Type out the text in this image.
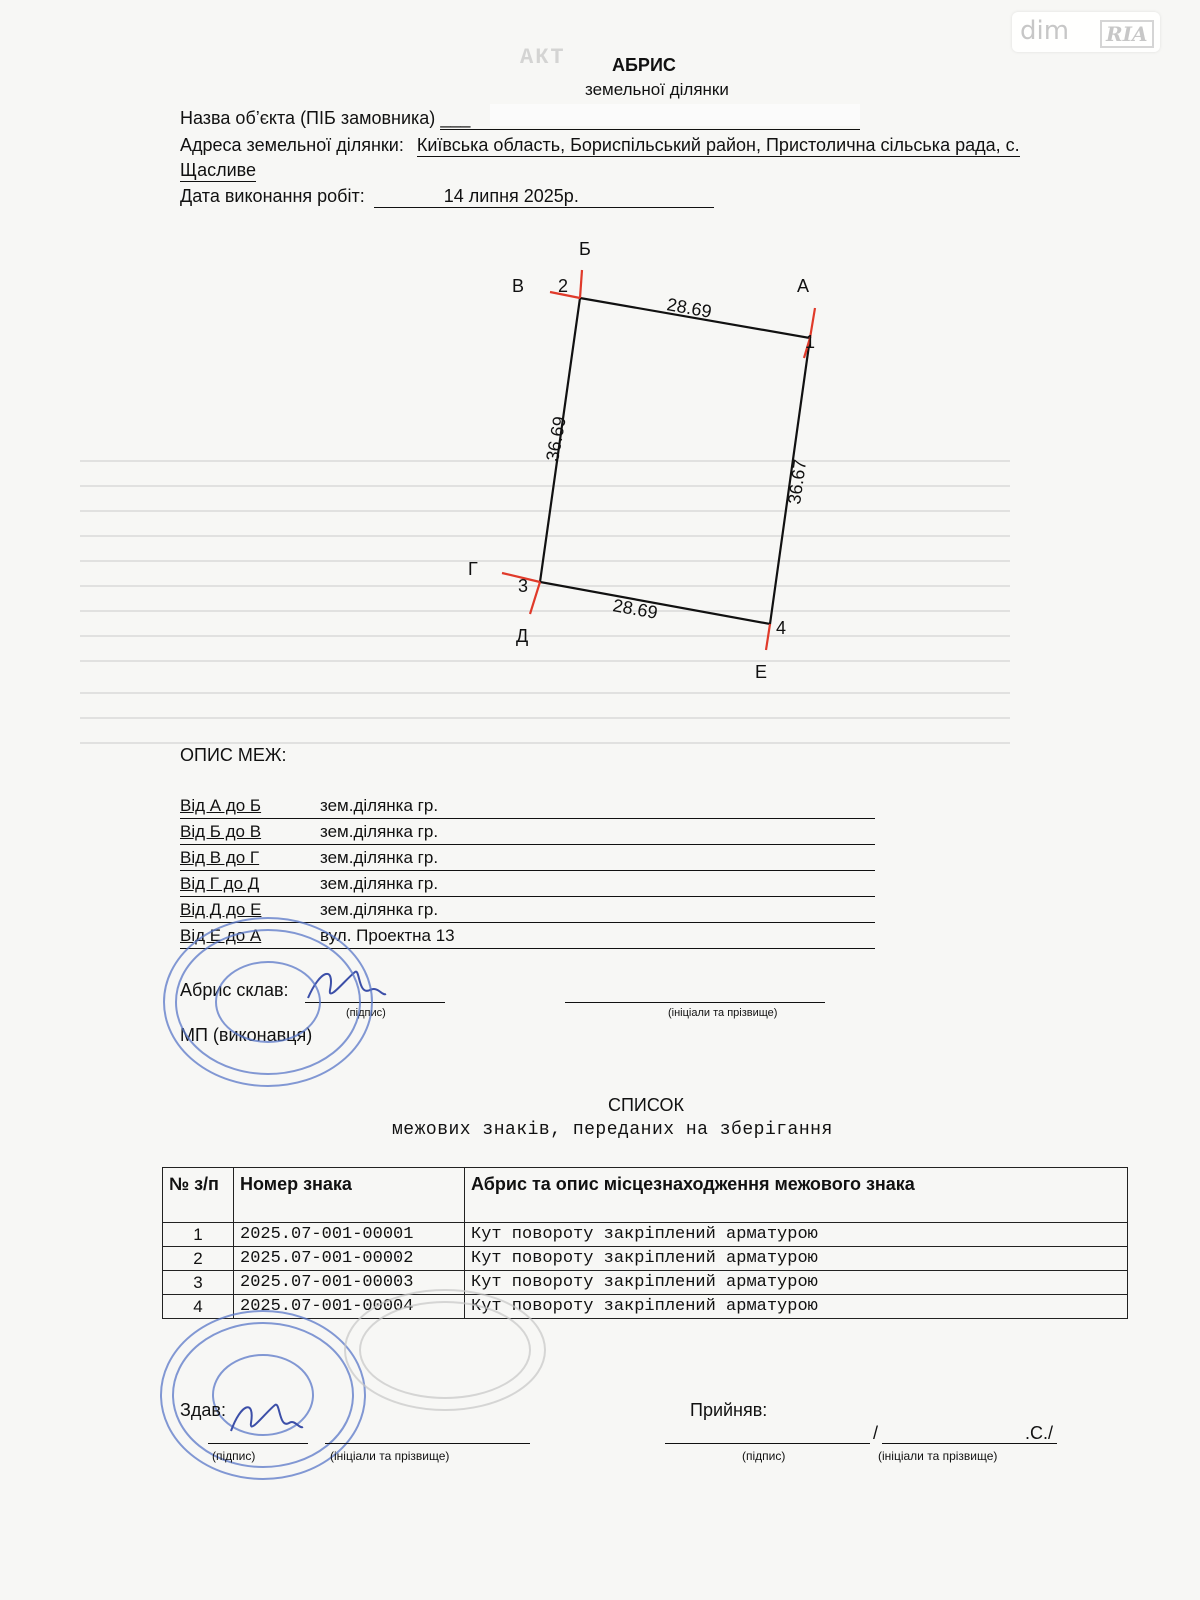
АКТ
dim	RIA
АБРИС
земельної ділянки
Назва об’єкта (ПІБ замовника) ___
Адреса земельної ділянки: Київська область, Бориспільський район, Пристолична сільська рада, с.
Щасливе
Дата виконання робіт:	14 липня 2025р.
Б
В 2	А
1
Г
3
Д	4
Е
28.69
28.69
36.69
36.67
ОПИС МЕЖ:
Від А до Б	зем.ділянка гр.
Від Б до В	зем.ділянка гр.
Від В до Г	зем.ділянка гр.
Від Г до Д	зем.ділянка гр.
Від Д до Е	зем.ділянка гр.
Від Е до А	вул. Проектна 13
Абрис склав:
(підпис)	(ініціали та прізвище)
МП (виконавця)
СПИСОК
межових знаків, переданих на зберігання
№ з/п	Номер знака	Абрис та опис місцезнаходження межового знака
1	2025.07-001-00001	Кут повороту закріплений арматурою
2	2025.07-001-00002	Кут повороту закріплений арматурою
3	2025.07-001-00003	Кут повороту закріплений арматурою
4	2025.07-001-00004	Кут повороту закріплений арматурою
Здав:
(підпис)	(ініціали та прізвище)
Прийняв:
/	.С./
(підпис)	(ініціали та прізвище)
